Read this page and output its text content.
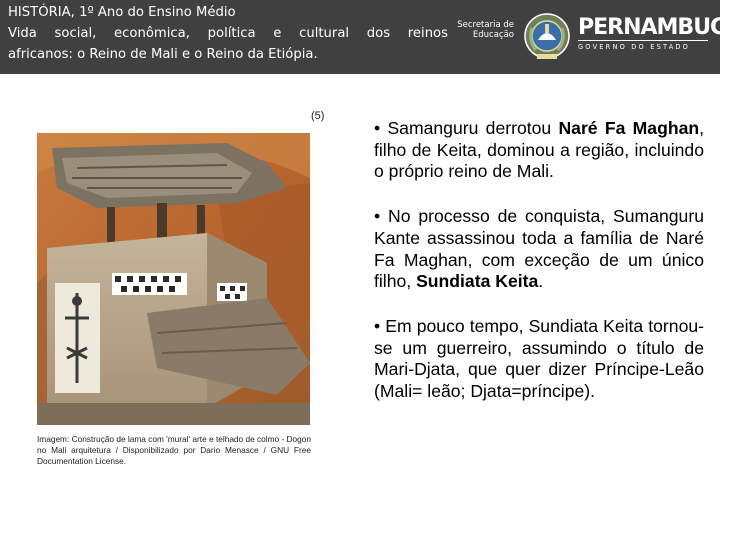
HISTÓRIA, 1º Ano do Ensino Médio
Vida social, econômica, política e cultural dos reinos
africanos: o Reino de Mali e o Reino da Etiópia.
Secretaria de Educação	PERNAMBUCO
GOVERNO DO ESTADO
(5)
Imagem: Construção de lama com 'mural' arte e telhado de colmo - Dogon no Mali arquitetura / Disponibilizado por Dario Menasce / GNU Free Documentation License.

• Samanguru derrotou Naré Fa Maghan, filho de Keita, dominou a região, incluindo o próprio reino de Mali.

• No processo de conquista, Sumanguru Kante assassinou toda a família de Naré Fa Maghan, com exceção de um único filho, Sundiata Keita.

• Em pouco tempo, Sundiata Keita tornou-se um guerreiro, assumindo o título de Mari-Djata, que quer dizer Príncipe-Leão (Mali= leão; Djata=príncipe).
